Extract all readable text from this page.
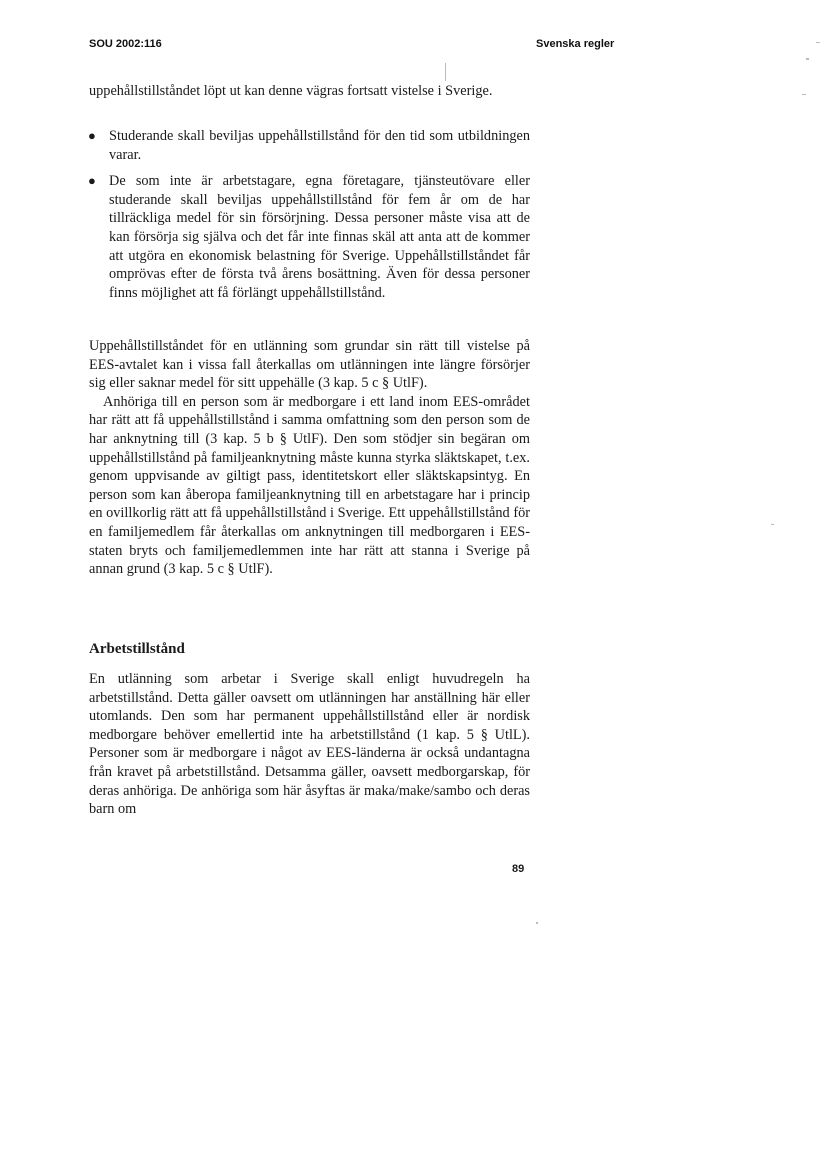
SOU 2002:116	Svenska regler

uppehållstillståndet löpt ut kan denne vägras fortsatt vistelse i Sverige.

● Studerande skall beviljas uppehållstillstånd för den tid som utbildningen varar.
● De som inte är arbetstagare, egna företagare, tjänsteutövare eller studerande skall beviljas uppehållstillstånd för fem år om de har tillräckliga medel för sin försörjning. Dessa personer måste visa att de kan försörja sig själva och det får inte finnas skäl att anta att de kommer att utgöra en ekonomisk belastning för Sverige. Uppehållstillståndet får omprövas efter de första två årens bosättning. Även för dessa personer finns möjlighet att få förlängt uppehållstillstånd.

Uppehållstillståndet för en utlänning som grundar sin rätt till vistelse på EES-avtalet kan i vissa fall återkallas om utlänningen inte längre försörjer sig eller saknar medel för sitt uppehälle (3 kap. 5 c § UtlF).

Anhöriga till en person som är medborgare i ett land inom EES-området har rätt att få uppehållstillstånd i samma omfattning som den person som de har anknytning till (3 kap. 5 b § UtlF). Den som stödjer sin begäran om uppehållstillstånd på familjeanknytning måste kunna styrka släktskapet, t.ex. genom uppvisande av giltigt pass, identitetskort eller släktskapsintyg. En person som kan åberopa familjeanknytning till en arbetstagare har i princip en ovillkorlig rätt att få uppehållstillstånd i Sverige. Ett uppehållstillstånd för en familjemedlem får återkallas om anknytningen till medborgaren i EES-staten bryts och familjemedlemmen inte har rätt att stanna i Sverige på annan grund (3 kap. 5 c § UtlF).

Arbetstillstånd

En utlänning som arbetar i Sverige skall enligt huvudregeln ha arbetstillstånd. Detta gäller oavsett om utlänningen har anställning här eller utomlands. Den som har permanent uppehållstillstånd eller är nordisk medborgare behöver emellertid inte ha arbetstillstånd (1 kap. 5 § UtlL). Personer som är medborgare i något av EES-länderna är också undantagna från kravet på arbetstillstånd. Detsamma gäller, oavsett medborgarskap, för deras anhöriga. De anhöriga som här åsyftas är maka/make/sambo och deras barn om

89
